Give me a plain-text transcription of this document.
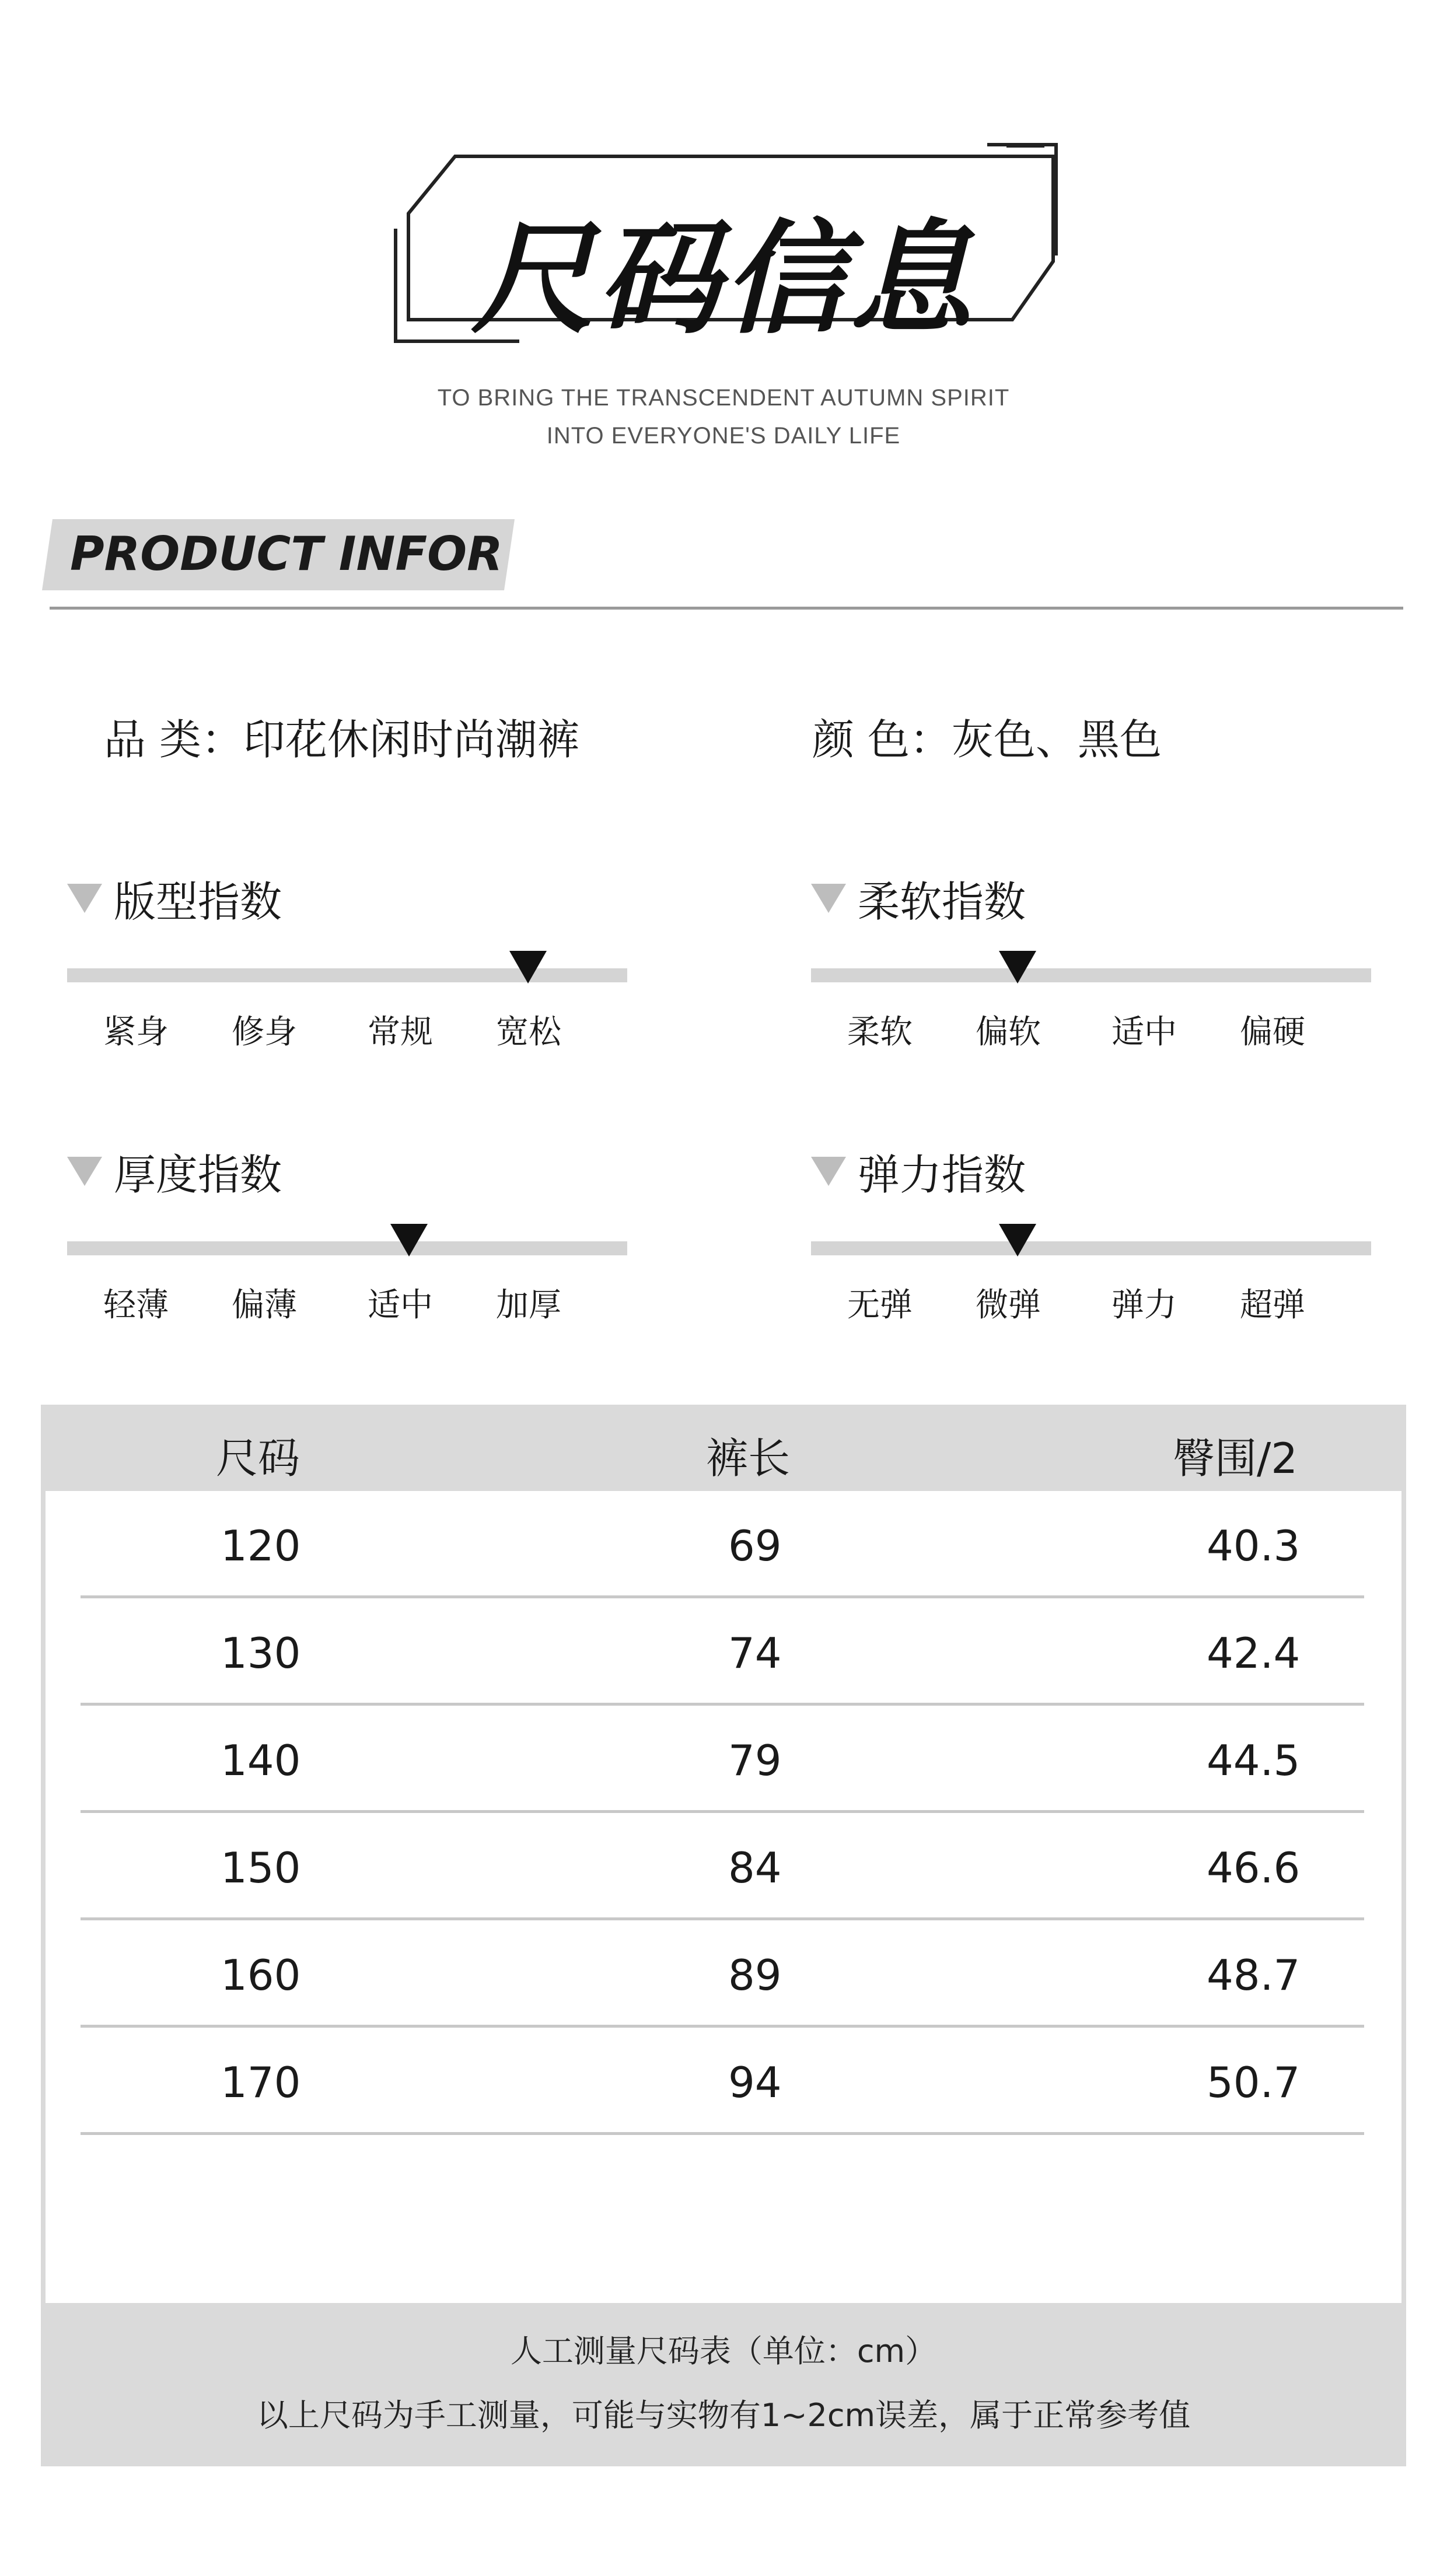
尺码信息
TO BRING THE TRANSCENDENT AUTUMN SPIRIT
INTO EVERYONE'S DAILY LIFE
PRODUCT INFOR
品 类：印花休闲时尚潮裤	颜 色：灰色、黑色
版型指数
紧身 修身 常规 宽松
柔软指数
柔软 偏软 适中 偏硬
厚度指数
轻薄 偏薄 适中 加厚
弹力指数
无弹 微弹 弹力 超弹
尺码	裤长	臀围/2
120	69	40.3
130	74	42.4
140	79	44.5
150	84	46.6
160	89	48.7
170	94	50.7
人工测量尺码表（单位：cm）
以上尺码为手工测量，可能与实物有1~2cm误差，属于正常参考值
